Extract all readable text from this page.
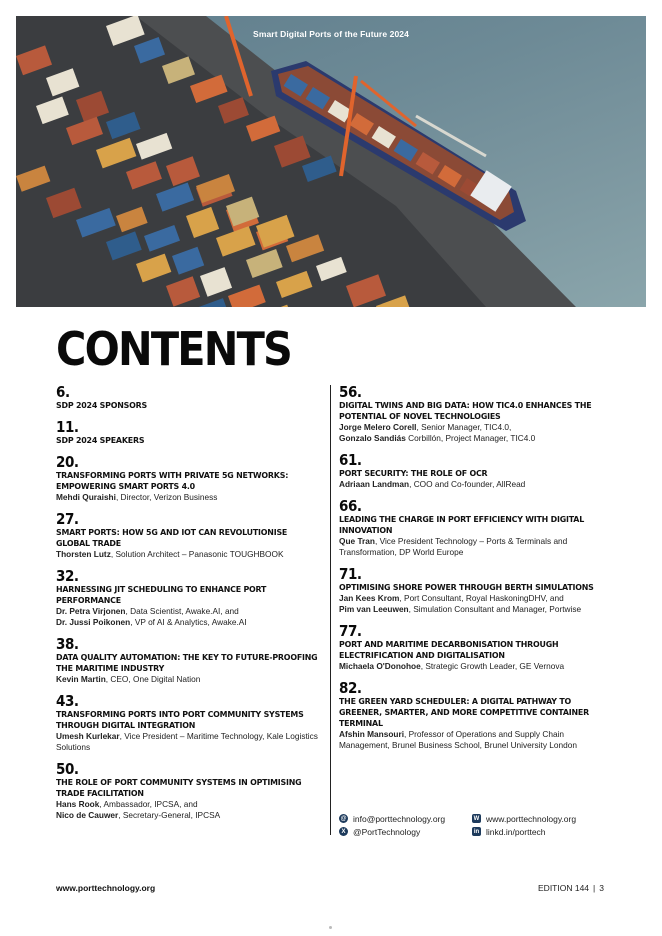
Smart Digital Ports of the Future 2024
CONTENTS
6.
SDP 2024 SPONSORS
11.
SDP 2024 SPEAKERS
20.
TRANSFORMING PORTS WITH PRIVATE 5G NETWORKS: EMPOWERING SMART PORTS 4.0
Mehdi Quraishi, Director, Verizon Business
27.
SMART PORTS: HOW 5G AND IOT CAN REVOLUTIONISE GLOBAL TRADE
Thorsten Lutz, Solution Architect – Panasonic TOUGHBOOK
32.
HARNESSING JIT SCHEDULING TO ENHANCE PORT PERFORMANCE
Dr. Petra Virjonen, Data Scientist, Awake.AI, and
Dr. Jussi Poikonen, VP of AI & Analytics, Awake.AI
38.
DATA QUALITY AUTOMATION: THE KEY TO FUTURE-PROOFING THE MARITIME INDUSTRY
Kevin Martin, CEO, One Digital Nation
43.
TRANSFORMING PORTS INTO PORT COMMUNITY SYSTEMS THROUGH DIGITAL INTEGRATION
Umesh Kurlekar, Vice President – Maritime Technology, Kale Logistics Solutions
50.
THE ROLE OF PORT COMMUNITY SYSTEMS IN OPTIMISING TRADE FACILITATION
Hans Rook, Ambassador, IPCSA, and
Nico de Cauwer, Secretary-General, IPCSA
56.
DIGITAL TWINS AND BIG DATA: HOW TIC4.0 ENHANCES THE POTENTIAL OF NOVEL TECHNOLOGIES
Jorge Melero Corell, Senior Manager, TIC4.0,
Gonzalo Sandiás Corbillón, Project Manager, TIC4.0
61.
PORT SECURITY: THE ROLE OF OCR
Adriaan Landman, COO and Co-founder, AllRead
66.
LEADING THE CHARGE IN PORT EFFICIENCY WITH DIGITAL INNOVATION
Que Tran, Vice President Technology – Ports & Terminals and Transformation, DP World Europe
71.
OPTIMISING SHORE POWER THROUGH BERTH SIMULATIONS
Jan Kees Krom, Port Consultant, Royal HaskoningDHV, and
Pim van Leeuwen, Simulation Consultant and Manager, Portwise
77.
PORT AND MARITIME DECARBONISATION THROUGH ELECTRIFICATION AND DIGITALISATION
Michaela O'Donohoe, Strategic Growth Leader, GE Vernova
82.
THE GREEN YARD SCHEDULER: A DIGITAL PATHWAY TO GREENER, SMARTER, AND MORE COMPETITIVE CONTAINER TERMINAL
Afshin Mansouri, Professor of Operations and Supply Chain Management, Brunel Business School, Brunel University London
@ info@porttechnology.org	W www.porttechnology.org
X @PortTechnology	in linkd.in/porttech
www.porttechnology.org	EDITION 144 | 3
